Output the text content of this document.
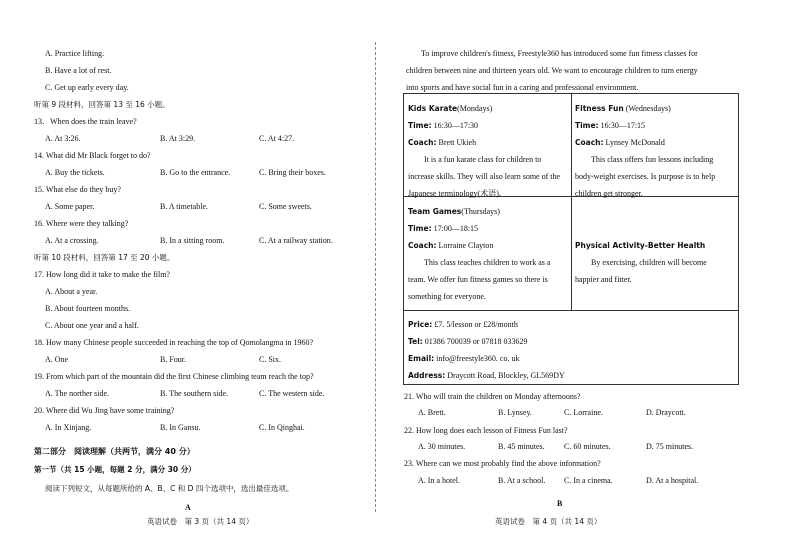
A. Practice lifting.
B. Have a lot of rest.
C. Get up early every day.
听第 9 段材料，回答第 13 至 16 小题。
13．When does the train leave?
A. At 3:26.	B. At 3:29.	C. At 4:27.
14. What did Mr Black forget to do?
A. Buy the tickets.	B. Go to the entrance.	C. Bring their boxes.
15. What else do they buy?
A. Some paper.	B. A timetable.	C. Some sweets.
16. Where were they talking?
A. At a crossing.	B. In a sitting room.	C. At a railway station.
听第 10 段材料，回答第 17 至 20 小题。
17. How long did it take to make the film?
A. About a year.
B. About fourteen months.
C. About one year and a half.
18. How many Chinese people succeeded in reaching the top of Qomolangma in 1960?
A. One	B. Four.	C. Six.
19. From which part of the mountain did the first Chinese climbing team reach the top?
A. The norther side.	B. The southern side.	C. The western side.
20. Where did Wu Jing have some training?
A. In Xinjang.	B. In Gansu.	C. In Qinghai.
第二部分　阅读理解（共两节，满分 40 分）
第一节（共 15 小题，每题 2 分，满分 30 分）
阅读下列短文，从每题所给的 A、B、C 和 D 四个选项中，选出最佳选项。
A
英语试卷　第 3 页（共 14 页）
To improve children's fitness, Freestyle360 has introduced some fun fitness classes for
children between nine and thirteen years old. We want to encourage children to turn energy
into sports and have social fun in a caring and professional environment.
Kids Karate(Mondays)
Time: 16:30—17:30
Coach: Brett Ukieh
It is a fun karate class for children to
increase skills. They will also learn some of the
Japanese terminology(术语).
Fitness Fun (Wednesdays)
Time: 16:30—17:15
Coach: Lynsey McDonald
This class offers fun lessons including
body-weight exercises. Is purpose is to help
children get stronger.
Team Games(Thursdays)
Time: 17:00—18:15
Coach: Lorraine Clayton
This class teaches children to work as a
team. We offer fun fitness games so there is
something for everyone.
Physical Activity-Better Health
By exercising, children will become
happier and fitter.
Price: £7. 5/lesson or £28/month
Tel: 01386 700039 or 07818 033629
Email: info@freestyle360. co. uk
Address: Draycott Road, Blockley, GL569DY
21. Who will train the children on Monday afternoons?
A. Brett.	B. Lynsey.	C. Lorraine.	D. Draycott.
22. How long does each lesson of Fitness Fun last?
A. 30 minutes.	B. 45 minutes. C. 60 minutes.	D. 75 minutes.
23. Where can we most probably find the above information?
A. In a hotel.	B. At a school. C. In a cinema.	D. At a hospital.
B
英语试卷　第 4 页（共 14 页）
